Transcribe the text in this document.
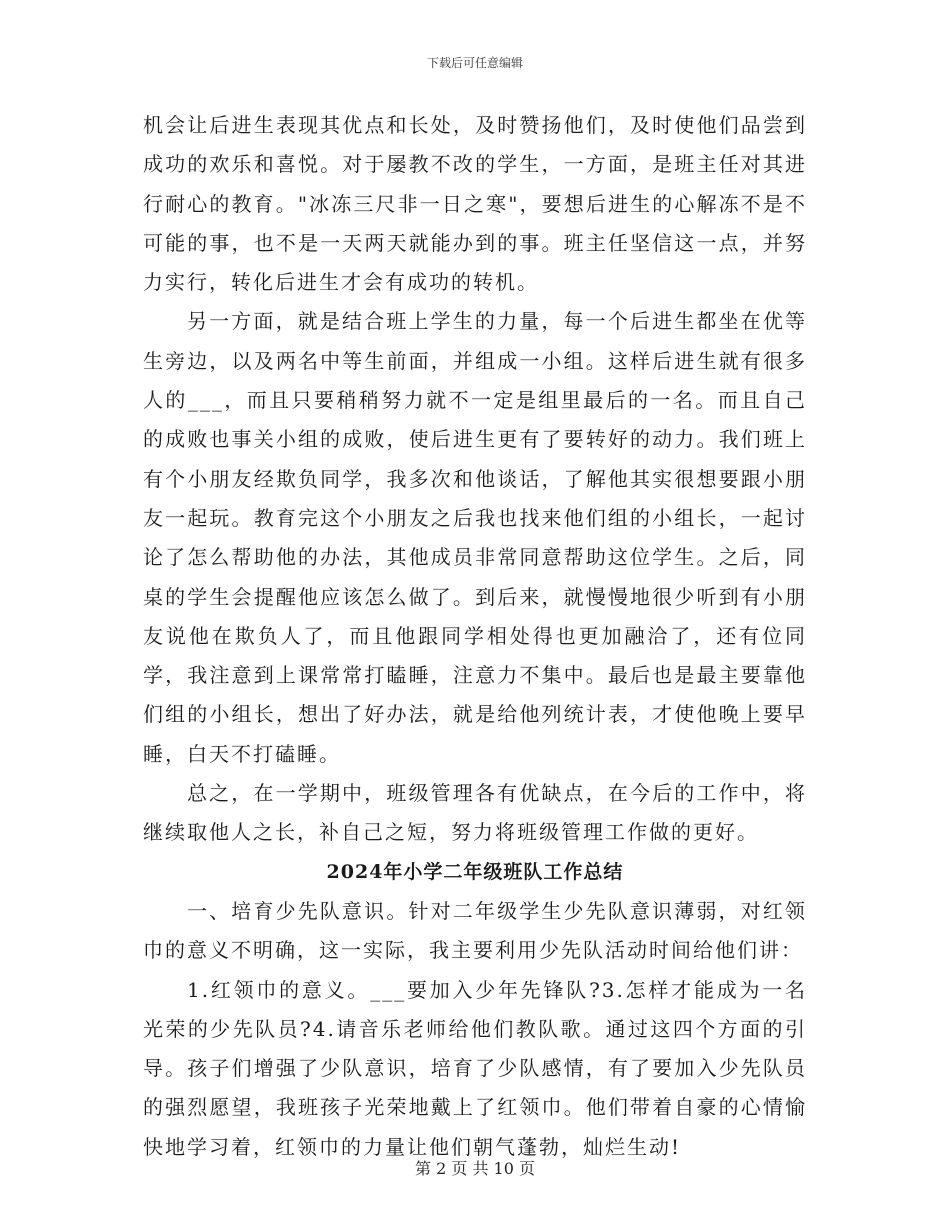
下载后可任意编辑

机会让后进生表现其优点和长处，及时赞扬他们，及时使他们品尝到成功的欢乐和喜悦。对于屡教不改的学生，一方面，是班主任对其进行耐心的教育。"冰冻三尺非一日之寒"，要想后进生的心解冻不是不可能的事，也不是一天两天就能办到的事。班主任坚信这一点，并努力实行，转化后进生才会有成功的转机。

另一方面，就是结合班上学生的力量，每一个后进生都坐在优等生旁边，以及两名中等生前面，并组成一小组。这样后进生就有很多人的___，而且只要稍稍努力就不一定是组里最后的一名。而且自己的成败也事关小组的成败，使后进生更有了要转好的动力。我们班上有个小朋友经欺负同学，我多次和他谈话，了解他其实很想要跟小朋友一起玩。教育完这个小朋友之后我也找来他们组的小组长，一起讨论了怎么帮助他的办法，其他成员非常同意帮助这位学生。之后，同桌的学生会提醒他应该怎么做了。到后来，就慢慢地很少听到有小朋友说他在欺负人了，而且他跟同学相处得也更加融洽了，还有位同学，我注意到上课常常打瞌睡，注意力不集中。最后也是最主要靠他们组的小组长，想出了好办法，就是给他列统计表，才使他晚上要早睡，白天不打磕睡。

总之，在一学期中，班级管理各有优缺点，在今后的工作中，将继续取他人之长，补自己之短，努力将班级管理工作做的更好。

2024年小学二年级班队工作总结

一、培育少先队意识。针对二年级学生少先队意识薄弱，对红领巾的意义不明确，这一实际，我主要利用少先队活动时间给他们讲：

1.红领巾的意义。___要加入少年先锋队?3.怎样才能成为一名光荣的少先队员?4.请音乐老师给他们教队歌。通过这四个方面的引导。孩子们增强了少队意识，培育了少队感情，有了要加入少先队员的强烈愿望，我班孩子光荣地戴上了红领巾。他们带着自豪的心情愉快地学习着，红领巾的力量让他们朝气蓬勃，灿烂生动!

第 2 页 共 10 页
